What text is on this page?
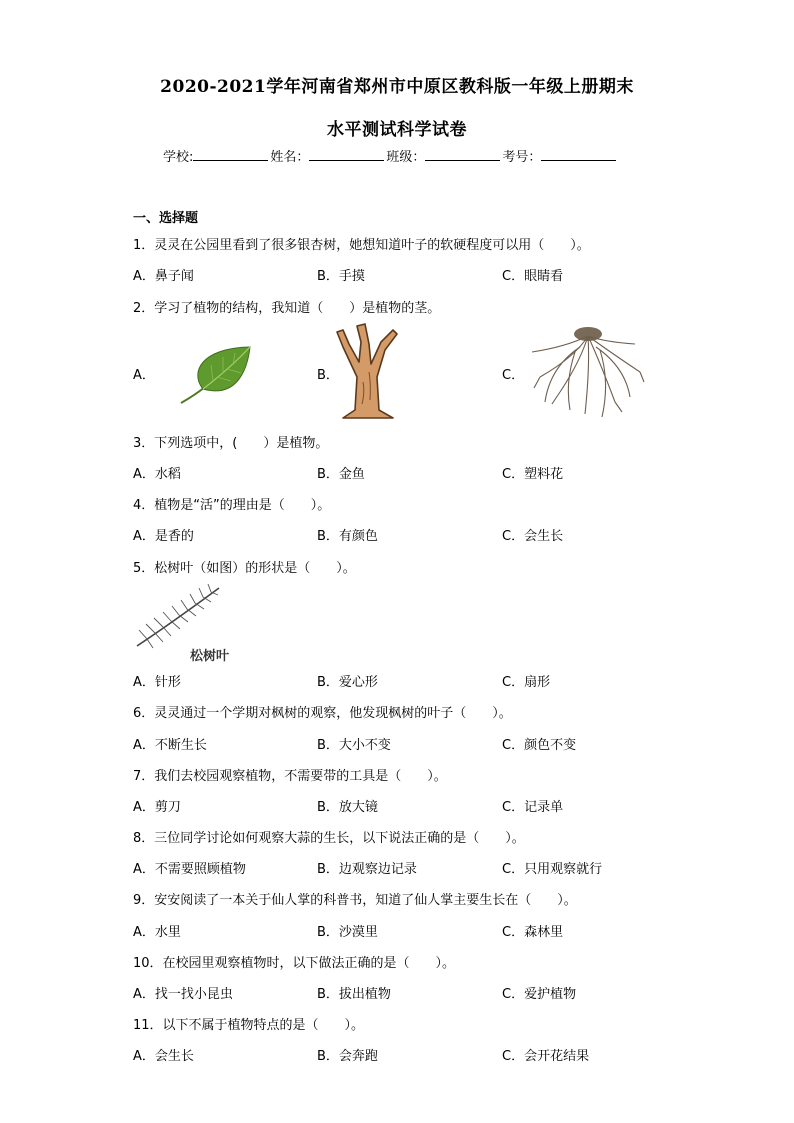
2020-2021学年河南省郑州市中原区教科版一年级上册期末
水平测试科学试卷
学校:	姓名：	班级：	考号：
一、选择题
1．灵灵在公园里看到了很多银杏树，她想知道叶子的软硬程度可以用（　　）。
A．鼻子闻	B．手摸	C．眼睛看
2．学习了植物的结构，我知道（　　）是植物的茎。
A．	B．	C．
3．下列选项中，(　　）是植物。
A．水稻	B．金鱼	C．塑料花
4．植物是“活”的理由是（　　）。
A．是香的	B．有颜色	C．会生长
5．松树叶（如图）的形状是（　　）。
松树叶
A．针形	B．爱心形	C．扇形
6．灵灵通过一个学期对枫树的观察，他发现枫树的叶子（　　）。
A．不断生长	B．大小不变	C．颜色不变
7．我们去校园观察植物，不需要带的工具是（　　）。
A．剪刀	B．放大镜	C．记录单
8．三位同学讨论如何观察大蒜的生长，以下说法正确的是（　　）。
A．不需要照顾植物	B．边观察边记录	C．只用观察就行
9．安安阅读了一本关于仙人掌的科普书，知道了仙人掌主要生长在（　　）。
A．水里	B．沙漠里	C．森林里
10．在校园里观察植物时，以下做法正确的是（　　）。
A．找一找小昆虫	B．拔出植物	C．爱护植物
11．以下不属于植物特点的是（　　）。
A．会生长	B．会奔跑	C．会开花结果
